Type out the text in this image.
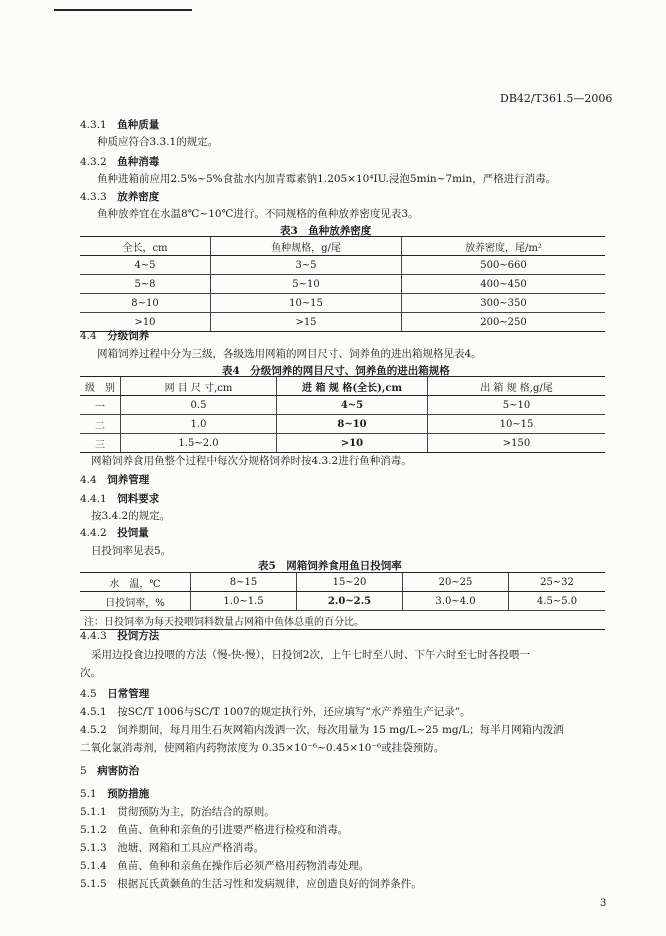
DB42/T361.5—2006
4.3.1　 鱼种质量
种质应符合3.3.1的规定。
4.3.2　 鱼种消毒
鱼种进箱前应用2.5%~5%食盐水内加青霉素钠1.205×10⁴IU.浸泡5min~7min，严格进行消毒。
4.3.3　 放养密度
鱼种放养宜在水温8℃~10℃进行。不同规格的鱼种放养密度见表3。
表3　鱼种放养密度
全长，cm	鱼种规格，g/尾	放养密度，尾/m²
4~5	3~5	500~660
5~8	5~10	400~450
8~10	10~15	300~350
>10	>15	200~250
4.4　 分级饲养
网箱饲养过程中分为三级，各级选用网箱的网目尺寸、饲养鱼的进出箱规格见表4。
表4　分级饲养的网目尺寸、饲养鱼的进出箱规格
级　别	网 目 尺 寸,cm	进 箱 规 格(全长),cm	出 箱 规 格,g/尾
一	0.5	4~5	5~10
二	1.0	8~10	10~15
三	1.5~2.0	>10	>150
网箱饲养食用鱼整个过程中每次分规格饲养时按4.3.2进行鱼种消毒。
4.4　 饲养管理
4.4.1　 饲料要求
按3.4.2的规定。
4.4.2　 投饲量
日投饲率见表5。
表5　网箱饲养食用鱼日投饲率
水　温，℃	8~15	15~20	20~25	25~32
日投饲率，%	1.0~1.5	2.0~2.5	3.0~4.0	4.5~5.0
注：日投饲率为每天投喂饲料数量占网箱中鱼体总重的百分比。				
4.4.3　 投饲方法
采用边投食边投喂的方法（慢-快-慢），日投饲2次，上午七时至八时、下午六时至七时各投喂一
次。
4.5　 日常管理
4.5.1　 按SC/T 1006与SC/T 1007的规定执行外，还应填写“水产养殖生产记录”。
4.5.2　 饲养期间，每月用生石灰网箱内泼洒一次，每次用量为 15 mg/L~25 mg/L；每半月网箱内泼洒
二氧化氯消毒剂，使网箱内药物浓度为 0.35×10⁻⁶~0.45×10⁻⁶或挂袋预防。
5　 病害防治
5.1　 预防措施
5.1.1　 贯彻预防为主，防治结合的原则。
5.1.2　 鱼苗、鱼种和亲鱼的引进要严格进行检疫和消毒。
5.1.3　 池塘、网箱和工具应严格消毒。
5.1.4　 鱼苗、鱼种和亲鱼在操作后必须严格用药物消毒处理。
5.1.5　 根据瓦氏黄颡鱼的生活习性和发病规律，应创造良好的饲养条件。
3
